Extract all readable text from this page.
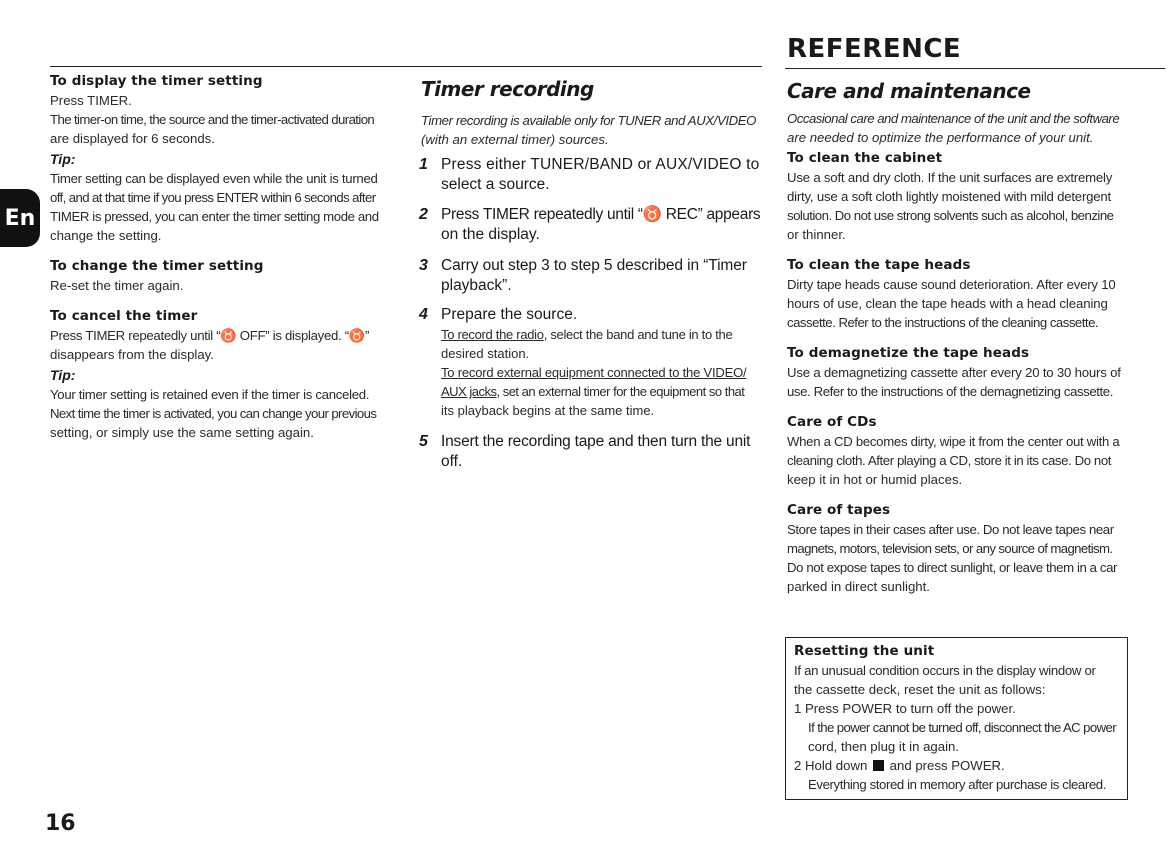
REFERENCE
En

To display the timer setting

Press TIMER.

The timer-on time, the source and the timer-activated duration

are displayed for 6 seconds.

Tip:

Timer setting can be displayed even while the unit is turned

off, and at that time if you press ENTER within 6 seconds after

TIMER is pressed, you can enter the timer setting mode and

change the setting.

To change the timer setting

Re-set the timer again.

To cancel the timer

Press TIMER repeatedly until “♉ OFF” is displayed. “♉”

disappears from the display.

Tip:

Your timer setting is retained even if the timer is canceled.

Next time the timer is activated, you can change your previous

setting, or simply use the same setting again.

Timer recording

Timer recording is available only for TUNER and AUX/VIDEO

(with an external timer) sources.

1 Press either TUNER/BAND or AUX/VIDEO to
select a source.
2 Press TIMER repeatedly until “♉ REC” appears
on the display.
3 Carry out step 3 to step 5 described in “Timer
playback”.
4 Prepare the source.
To record the radio, select the band and tune in to the
desired station.
To record external equipment connected to the VIDEO/
AUX jacks, set an external timer for the equipment so that
its playback begins at the same time.
5 Insert the recording tape and then turn the unit
off.

Care and maintenance

Occasional care and maintenance of the unit and the software

are needed to optimize the performance of your unit.

To clean the cabinet

Use a soft and dry cloth. If the unit surfaces are extremely

dirty, use a soft cloth lightly moistened with mild detergent

solution. Do not use strong solvents such as alcohol, benzine

or thinner.

To clean the tape heads

Dirty tape heads cause sound deterioration. After every 10

hours of use, clean the tape heads with a head cleaning

cassette. Refer to the instructions of the cleaning cassette.

To demagnetize the tape heads

Use a demagnetizing cassette after every 20 to 30 hours of

use. Refer to the instructions of the demagnetizing cassette.

Care of CDs

When a CD becomes dirty, wipe it from the center out with a

cleaning cloth. After playing a CD, store it in its case. Do not

keep it in hot or humid places.

Care of tapes

Store tapes in their cases after use. Do not leave tapes near

magnets, motors, television sets, or any source of magnetism.

Do not expose tapes to direct sunlight, or leave them in a car

parked in direct sunlight.

Resetting the unit

If an unusual condition occurs in the display window or

the cassette deck, reset the unit as follows:

1 Press POWER to turn off the power.

If the power cannot be turned off, disconnect the AC power

cord, then plug it in again.

2 Hold down and press POWER.

Everything stored in memory after purchase is cleared.

16
